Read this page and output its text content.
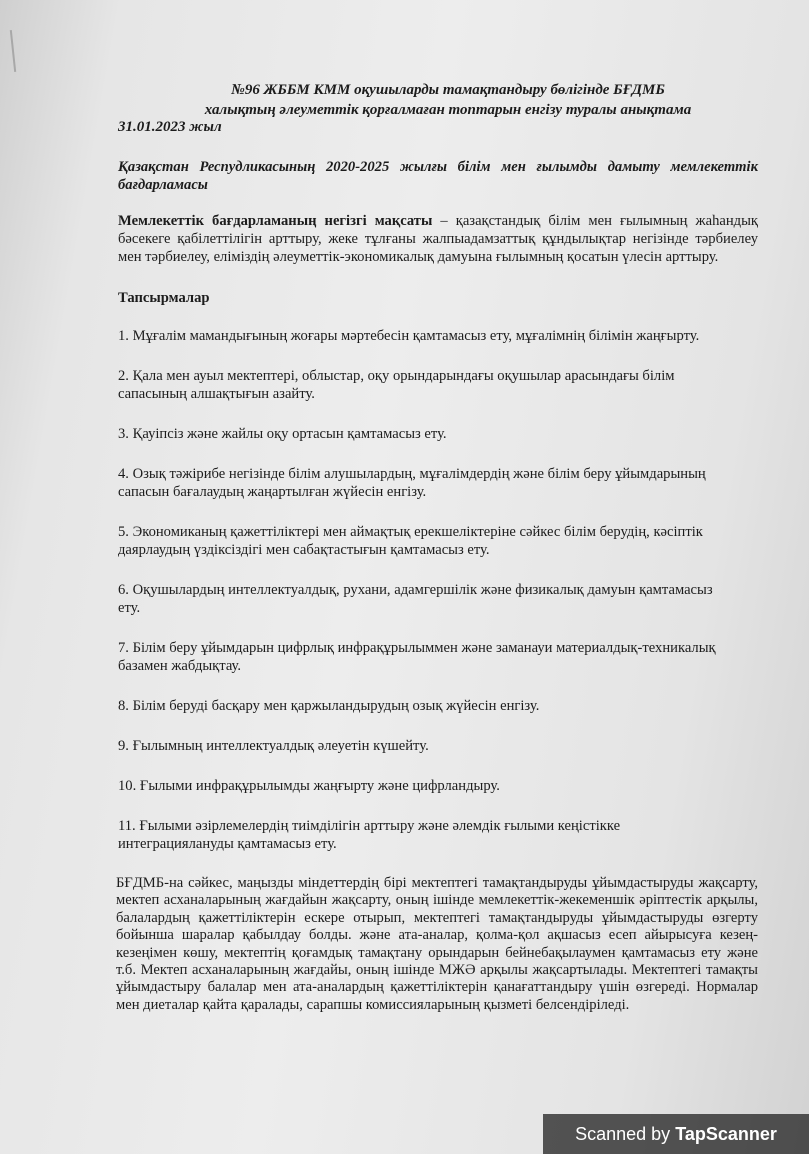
№96 ЖББМ КММ оқушыларды тамақтандыру бөлігінде БҒДМБ
халықтың әлеуметтік қорғалмаған топтарын енгізу туралы анықтама
31.01.2023 жыл

Қазақстан Респудликасының 2020-2025 жылғы білім мен ғылымды дамыту мемлекеттік бағдарламасы

Мемлекеттік бағдарламаның негізгі мақсаты – қазақстандық білім мен ғылымның жаһандық бәсекеге қабілеттілігін арттыру, жеке тұлғаны жалпыадамзаттық құндылықтар негізінде тәрбиелеу мен тәрбиелеу, еліміздің әлеуметтік-экономикалық дамуына ғылымның қосатын үлесін арттыру.

Тапсырмалар

1. Мұғалім мамандығының жоғары мәртебесін қамтамасыз ету, мұғалімнің білімін жаңғырту.

2. Қала мен ауыл мектептері, облыстар, оқу орындарындағы оқушылар арасындағы білім сапасының алшақтығын азайту.

3. Қауіпсіз және жайлы оқу ортасын қамтамасыз ету.

4. Озық тәжірибе негізінде білім алушылардың, мұғалімдердің және білім беру ұйымдарының сапасын бағалаудың жаңартылған жүйесін енгізу.

5. Экономиканың қажеттіліктері мен аймақтық ерекшеліктеріне сәйкес білім берудің, кәсіптік даярлаудың үздіксіздігі мен сабақтастығын қамтамасыз ету.

6. Оқушылардың интеллектуалдық, рухани, адамгершілік және физикалық дамуын қамтамасыз ету.

7. Білім беру ұйымдарын цифрлық инфрақұрылыммен және заманауи материалдық-техникалық базамен жабдықтау.

8. Білім беруді басқару мен қаржыландырудың озық жүйесін енгізу.

9. Ғылымның интеллектуалдық әлеуетін күшейту.

10. Ғылыми инфрақұрылымды жаңғырту және цифрландыру.

11. Ғылыми әзірлемелердің тиімділігін арттыру және әлемдік ғылыми кеңістікке интеграциялануды қамтамасыз ету.

БҒДМБ-на сәйкес, маңызды міндеттердің бірі мектептегі тамақтандыруды ұйымдастыруды жақсарту, мектеп асханаларының жағдайын жақсарту, оның ішінде мемлекеттік-жекеменшік әріптестік арқылы, балалардың қажеттіліктерін ескере отырып, мектептегі тамақтандыруды ұйымдастыруды өзгерту бойынша шаралар қабылдау болды. және ата-аналар, қолма-қол ақшасыз есеп айырысуға кезең-кезеңімен көшу, мектептің қоғамдық тамақтану орындарын бейнебақылаумен қамтамасыз ету және т.б. Мектеп асханаларының жағдайы, оның ішінде МЖӘ арқылы жақсартылады. Мектептегі тамақты ұйымдастыру балалар мен ата-аналардың қажеттіліктерін қанағаттандыру үшін өзгереді. Нормалар мен диеталар қайта қаралады, сарапшы комиссияларының қызметі белсендіріледі.

Scanned by TapScanner
